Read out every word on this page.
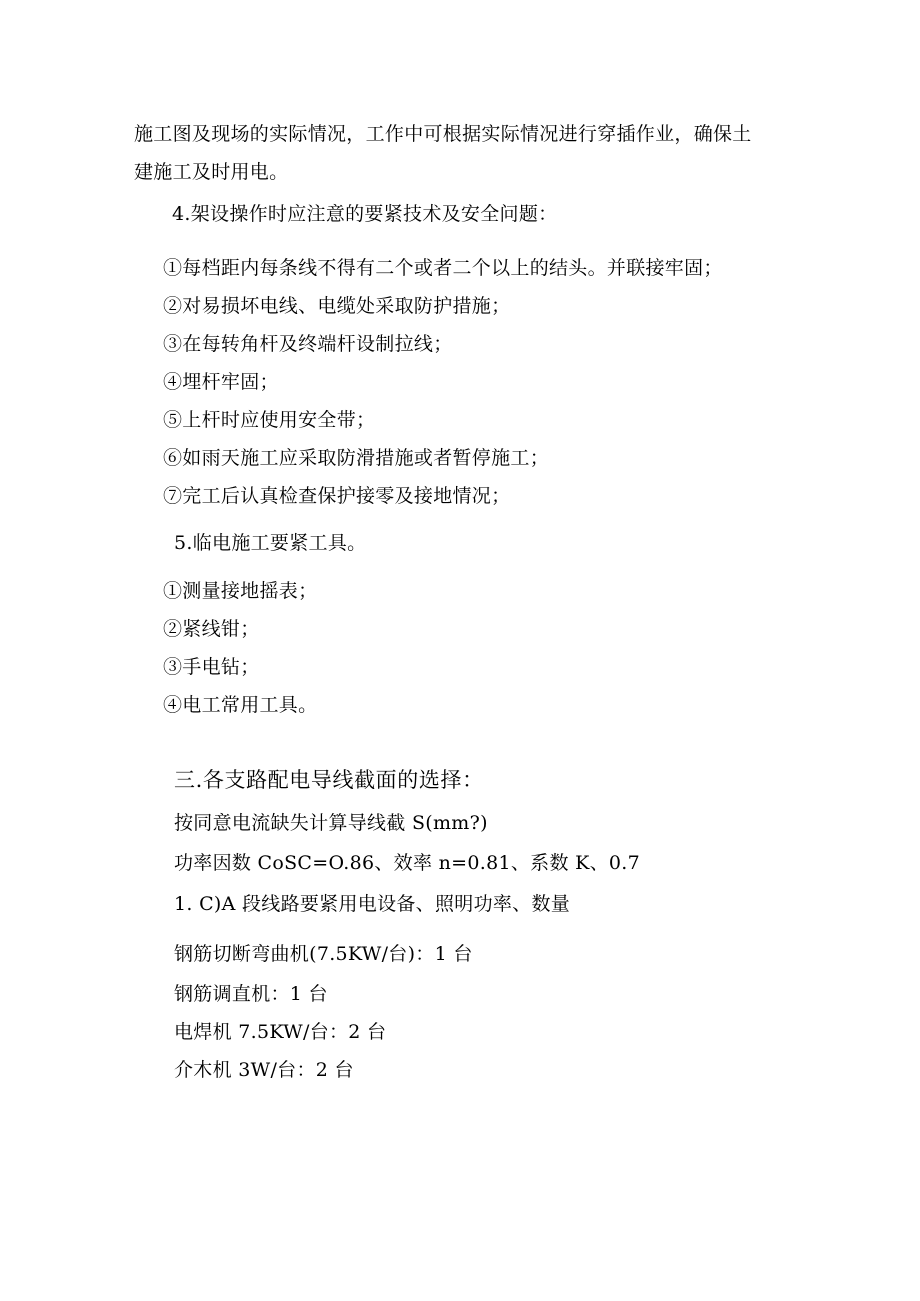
施工图及现场的实际情况，工作中可根据实际情况进行穿插作业，确保土
建施工及时用电。
4.架设操作时应注意的要紧技术及安全问题：
①每档距内每条线不得有二个或者二个以上的结头。并联接牢固；
②对易损坏电线、电缆处采取防护措施；
③在每转角杆及终端杆设制拉线；
④埋杆牢固；
⑤上杆时应使用安全带；
⑥如雨天施工应采取防滑措施或者暂停施工；
⑦完工后认真检查保护接零及接地情况；
5.临电施工要紧工具。
①测量接地摇表；
②紧线钳；
③手电钻；
④电工常用工具。
三.各支路配电导线截面的选择：
按同意电流缺失计算导线截 S(mm?)
功率因数 CoSC=O.86、效率 n=0.81、系数 K、0.7
1. C)A 段线路要紧用电设备、照明功率、数量
钢筋切断弯曲机(7.5KW/台)：1 台
钢筋调直机：1 台
电焊机 7.5KW/台：2 台
介木机 3W/台：2 台
